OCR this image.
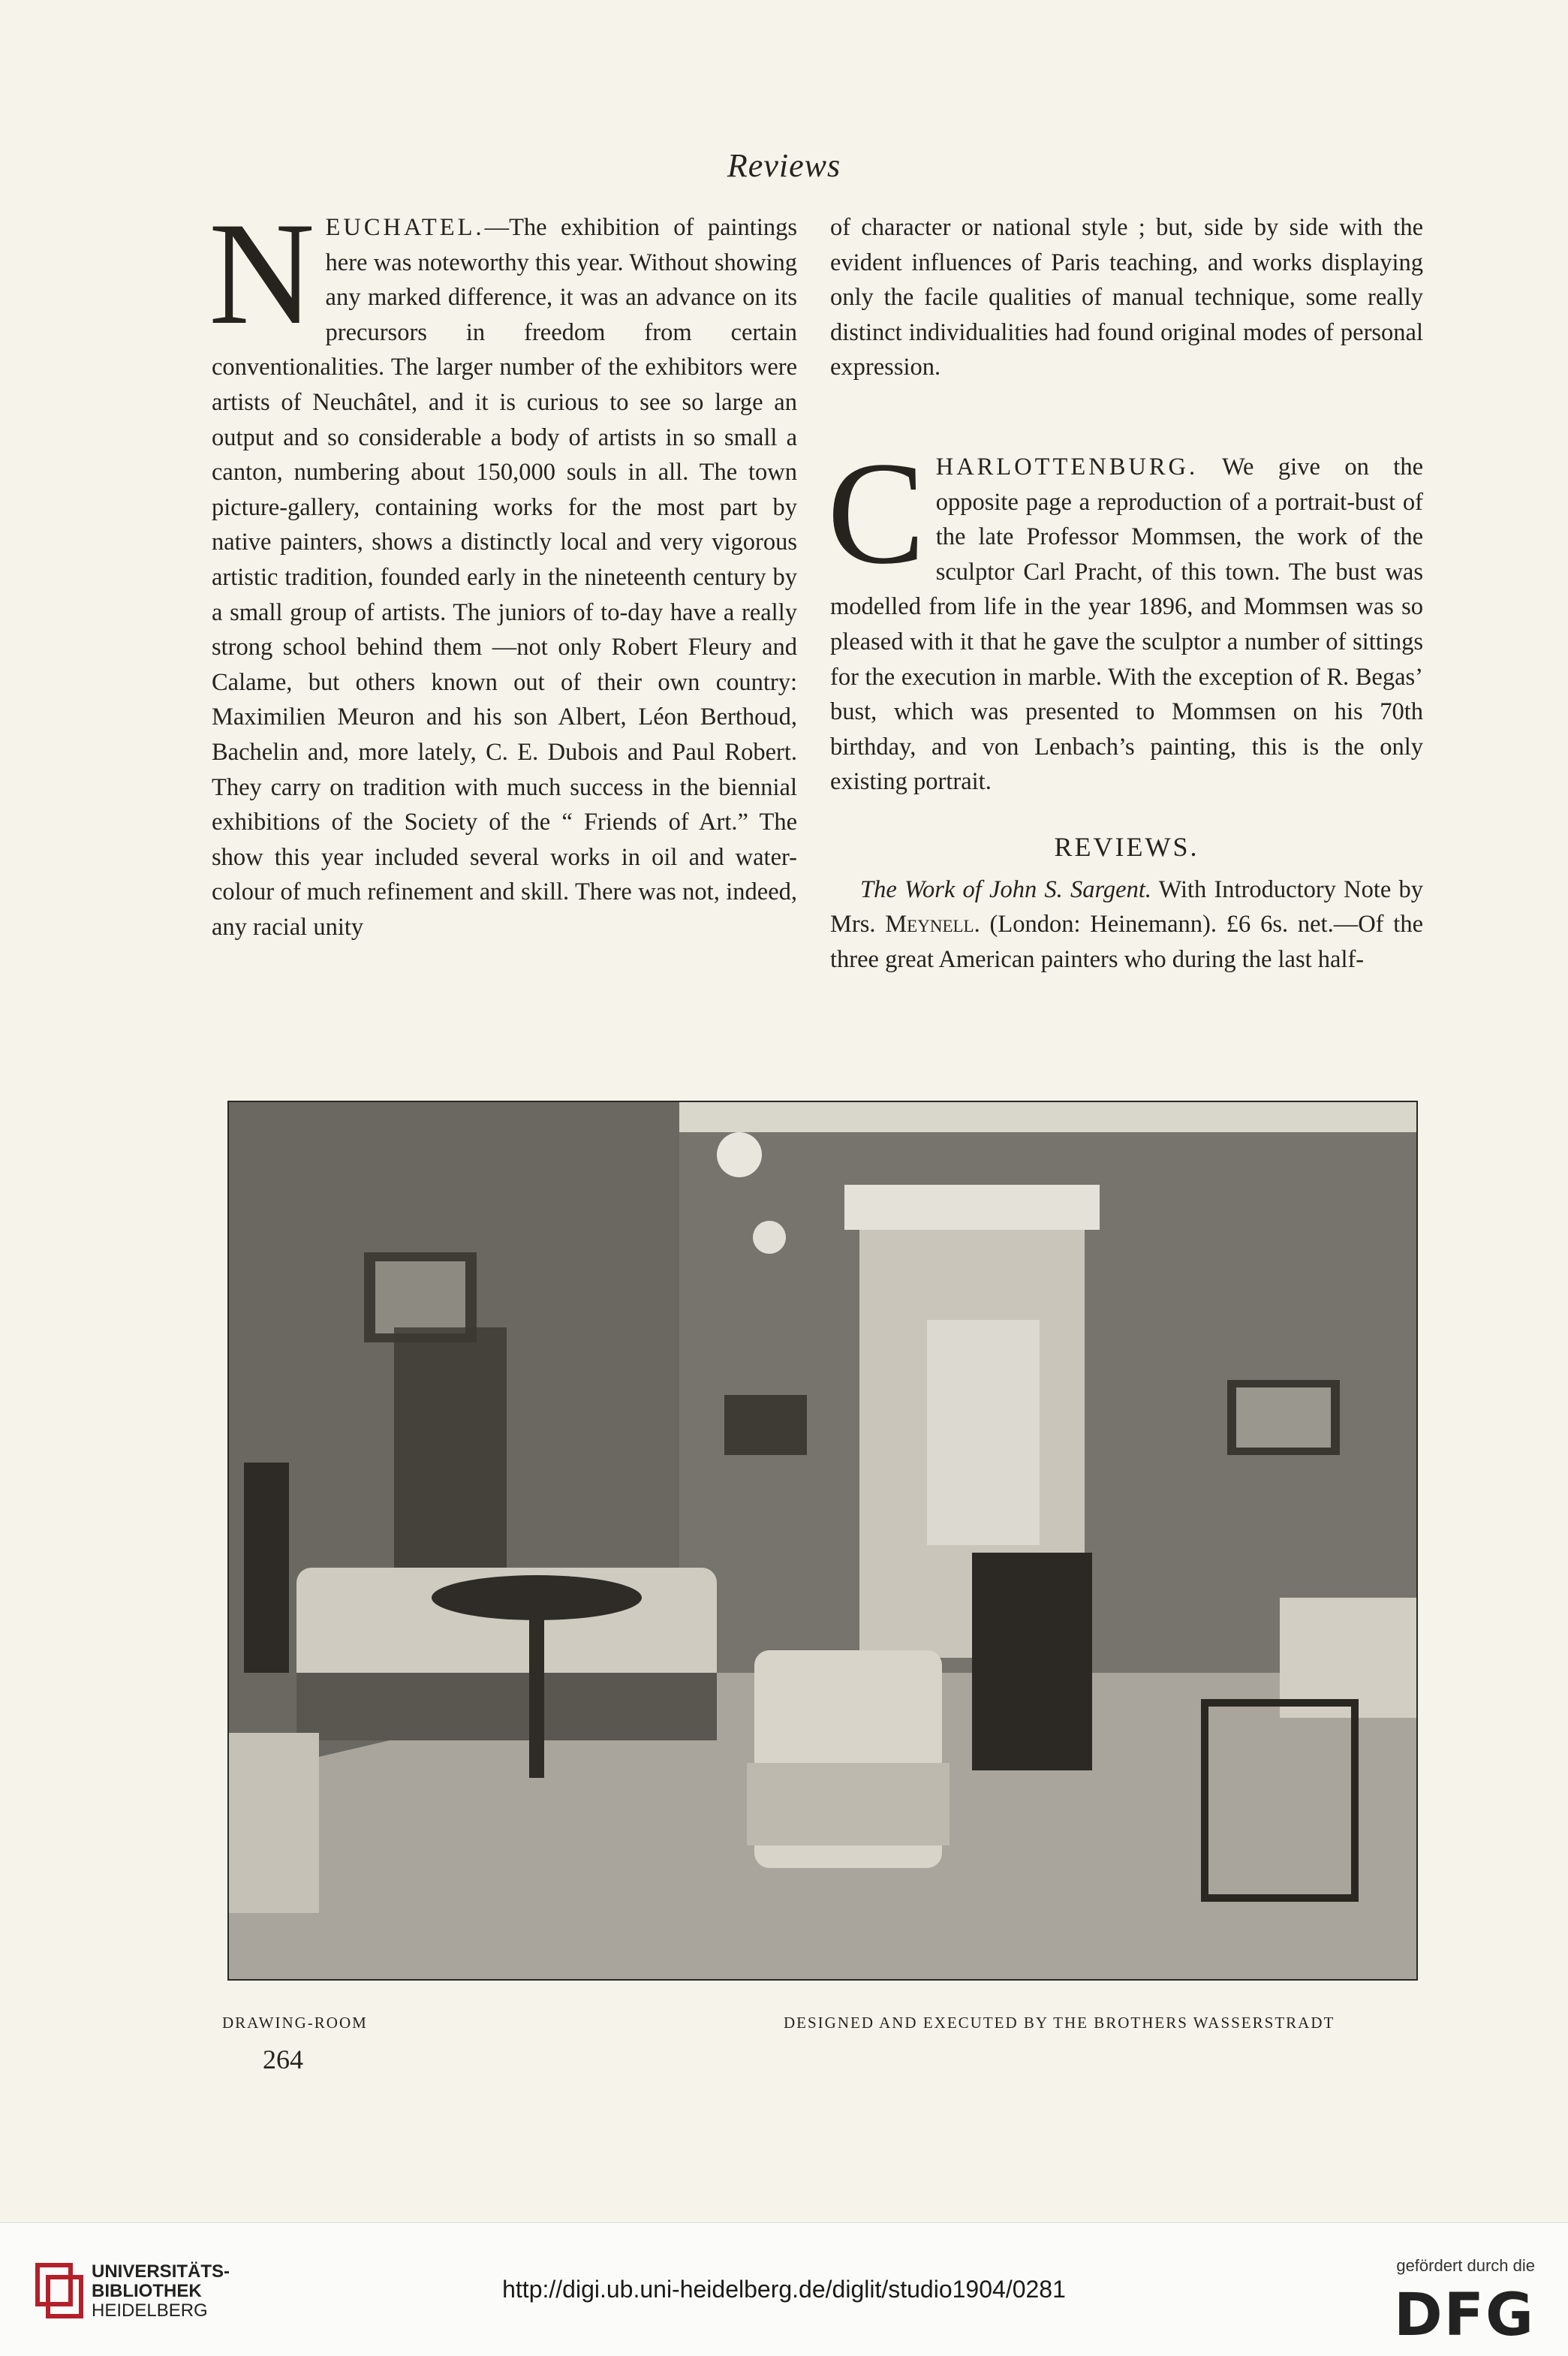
Reviews

NEUCHATEL.—The exhibition of paintings here was noteworthy this year. Without showing any marked difference, it was an advance on its precursors in freedom from certain conventionalities. The larger number of the exhibitors were artists of Neuchâtel, and it is curious to see so large an output and so considerable a body of artists in so small a canton, numbering about 150,000 souls in all. The town picture-gallery, containing works for the most part by native painters, shows a distinctly local and very vigorous artistic tradition, founded early in the nineteenth century by a small group of artists. The juniors of to-day have a really strong school behind them —not only Robert Fleury and Calame, but others known out of their own country: Maximilien Meuron and his son Albert, Léon Berthoud, Bachelin and, more lately, C. E. Dubois and Paul Robert. They carry on tradition with much success in the biennial exhibitions of the Society of the “ Friends of Art.” The show this year included several works in oil and water-colour of much refinement and skill. There was not, indeed, any racial unity

of character or national style ; but, side by side with the evident influences of Paris teaching, and works displaying only the facile qualities of manual technique, some really distinct individualities had found original modes of personal expression.

CHARLOTTENBURG. We give on the opposite page a reproduction of a portrait-bust of the late Professor Mommsen, the work of the sculptor Carl Pracht, of this town. The bust was modelled from life in the year 1896, and Mommsen was so pleased with it that he gave the sculptor a number of sittings for the execution in marble. With the exception of R. Begas’ bust, which was presented to Mommsen on his 70th birthday, and von Lenbach’s painting, this is the only existing portrait.

REVIEWS.

The Work of John S. Sargent. With Introductory Note by Mrs. Meynell. (London: Heinemann). £6 6s. net.—Of the three great American painters who during the last half-

DRAWING-ROOM	DESIGNED AND EXECUTED BY THE BROTHERS WASSERSTRADT
264
UNIVERSITÄTS-
BIBLIOTHEK
HEIDELBERG
http://digi.ub.uni-heidelberg.de/diglit/studio1904/0281
gefördert durch die
DFG
